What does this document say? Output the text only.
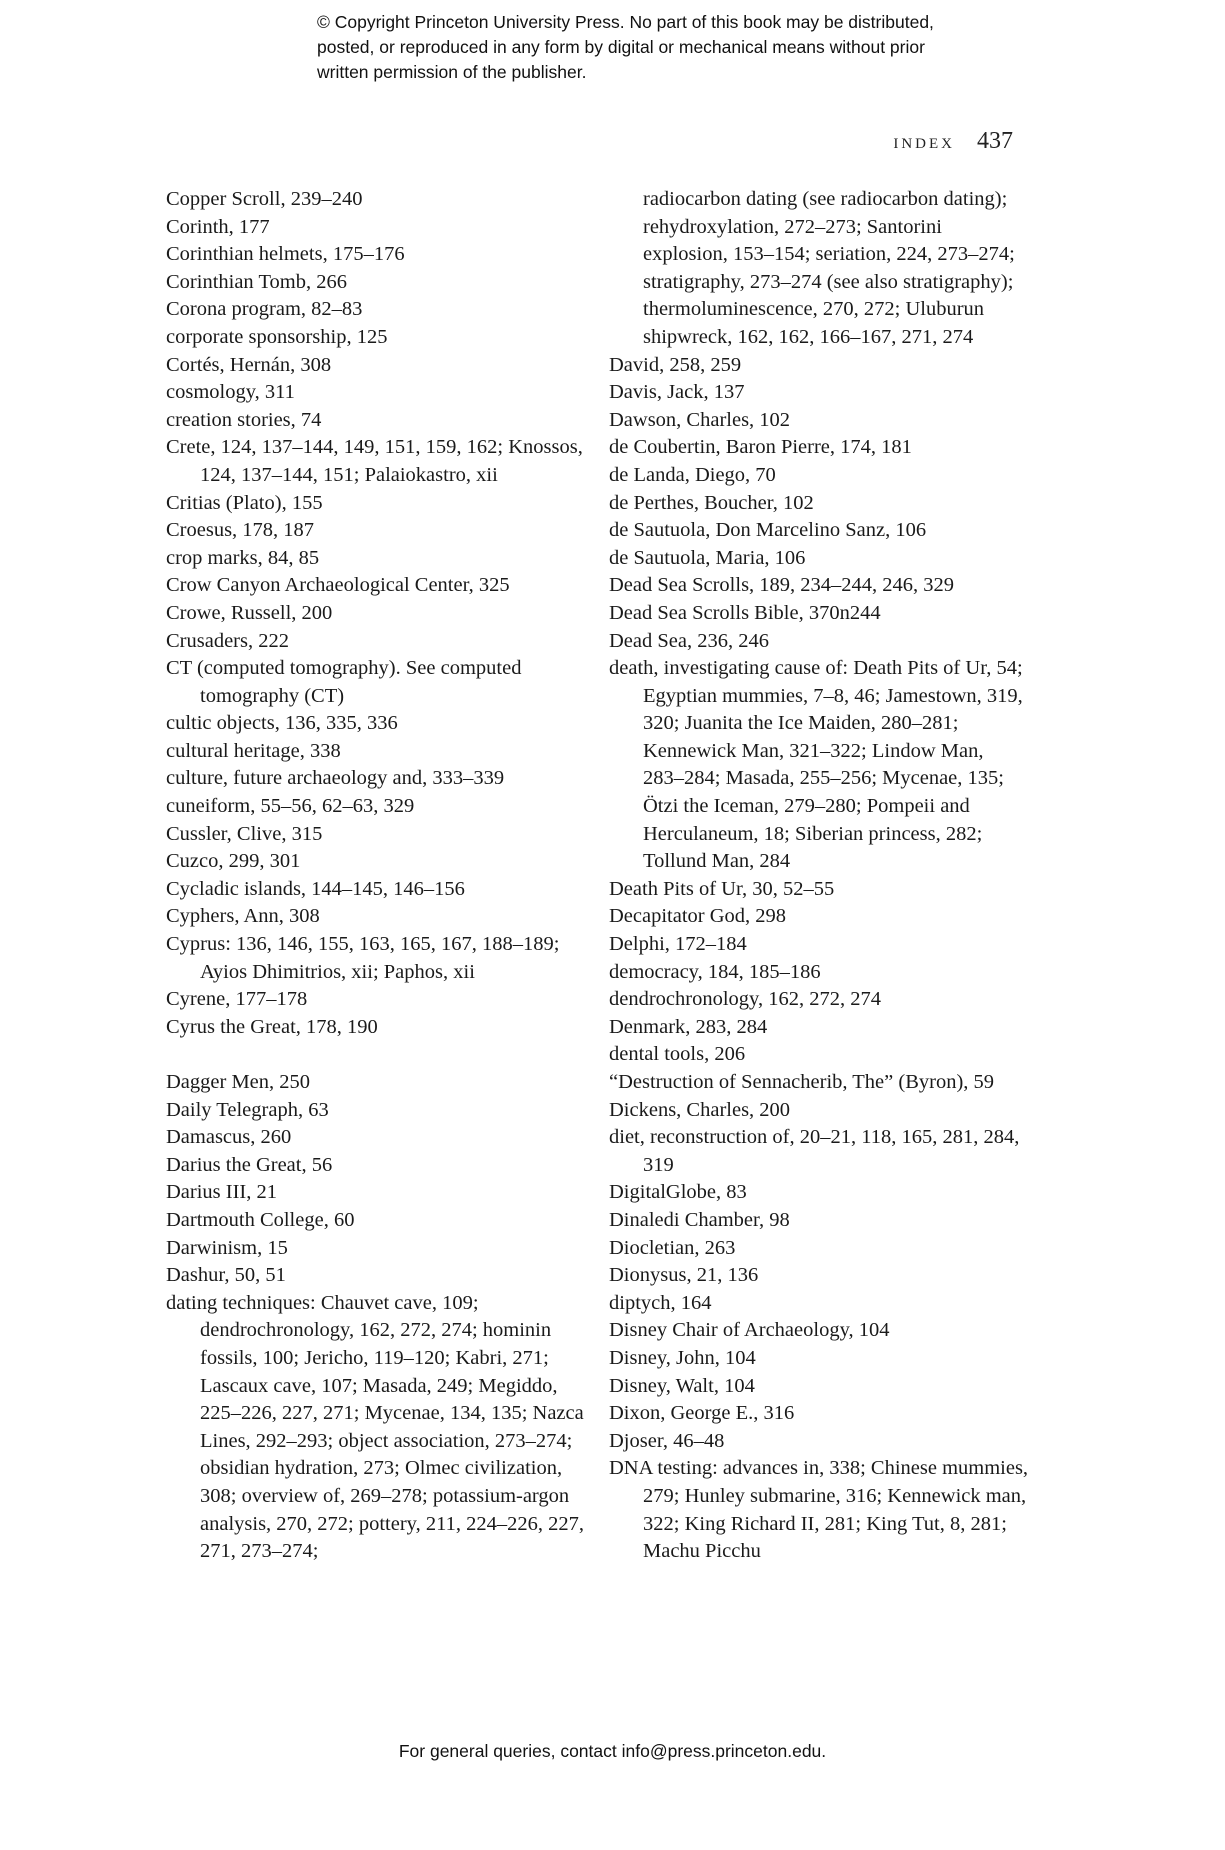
© Copyright Princeton University Press. No part of this book may be distributed, posted, or reproduced in any form by digital or mechanical means without prior written permission of the publisher.

INDEX 437
Copper Scroll, 239–240
Corinth, 177
Corinthian helmets, 175–176
Corinthian Tomb, 266
Corona program, 82–83
corporate sponsorship, 125
Cortés, Hernán, 308
cosmology, 311
creation stories, 74
Crete, 124, 137–144, 149, 151, 159, 162; Knossos, 124, 137–144, 151; Palaiokastro, xii
Critias (Plato), 155
Croesus, 178, 187
crop marks, 84, 85
Crow Canyon Archaeological Center, 325
Crowe, Russell, 200
Crusaders, 222
CT (computed tomography). See computed tomography (CT)
cultic objects, 136, 335, 336
cultural heritage, 338
culture, future archaeology and, 333–339
cuneiform, 55–56, 62–63, 329
Cussler, Clive, 315
Cuzco, 299, 301
Cycladic islands, 144–145, 146–156
Cyphers, Ann, 308
Cyprus: 136, 146, 155, 163, 165, 167, 188–189; Ayios Dhimitrios, xii; Paphos, xii
Cyrene, 177–178
Cyrus the Great, 178, 190
Dagger Men, 250
Daily Telegraph, 63
Damascus, 260
Darius the Great, 56
Darius III, 21
Dartmouth College, 60
Darwinism, 15
Dashur, 50, 51
dating techniques: Chauvet cave, 109; dendrochronology, 162, 272, 274; hominin fossils, 100; Jericho, 119–120; Kabri, 271; Lascaux cave, 107; Masada, 249; Megiddo, 225–226, 227, 271; Mycenae, 134, 135; Nazca Lines, 292–293; object association, 273–274; obsidian hydration, 273; Olmec civilization, 308; overview of, 269–278; potassium-argon analysis, 270, 272; pottery, 211, 224–226, 227, 271, 273–274;
radiocarbon dating (see radiocarbon dating); rehydroxylation, 272–273; Santorini explosion, 153–154; seriation, 224, 273–274; stratigraphy, 273–274 (see also stratigraphy); thermoluminescence, 270, 272; Uluburun shipwreck, 162, 162, 166–167, 271, 274
David, 258, 259
Davis, Jack, 137
Dawson, Charles, 102
de Coubertin, Baron Pierre, 174, 181
de Landa, Diego, 70
de Perthes, Boucher, 102
de Sautuola, Don Marcelino Sanz, 106
de Sautuola, Maria, 106
Dead Sea Scrolls, 189, 234–244, 246, 329
Dead Sea Scrolls Bible, 370n244
Dead Sea, 236, 246
death, investigating cause of: Death Pits of Ur, 54; Egyptian mummies, 7–8, 46; Jamestown, 319, 320; Juanita the Ice Maiden, 280–281; Kennewick Man, 321–322; Lindow Man, 283–284; Masada, 255–256; Mycenae, 135; Ötzi the Iceman, 279–280; Pompeii and Herculaneum, 18; Siberian princess, 282; Tollund Man, 284
Death Pits of Ur, 30, 52–55
Decapitator God, 298
Delphi, 172–184
democracy, 184, 185–186
dendrochronology, 162, 272, 274
Denmark, 283, 284
dental tools, 206
“Destruction of Sennacherib, The” (Byron), 59
Dickens, Charles, 200
diet, reconstruction of, 20–21, 118, 165, 281, 284, 319
DigitalGlobe, 83
Dinaledi Chamber, 98
Diocletian, 263
Dionysus, 21, 136
diptych, 164
Disney Chair of Archaeology, 104
Disney, John, 104
Disney, Walt, 104
Dixon, George E., 316
Djoser, 46–48
DNA testing: advances in, 338; Chinese mummies, 279; Hunley submarine, 316; Kennewick man, 322; King Richard II, 281; King Tut, 8, 281; Machu Picchu

For general queries, contact info@press.princeton.edu.
